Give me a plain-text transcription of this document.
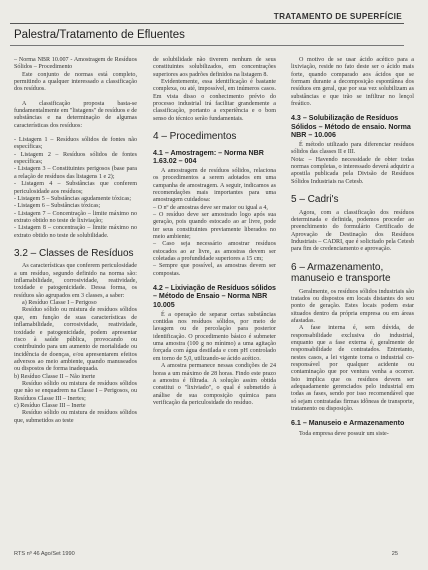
TRATAMENTO DE SUPERFÍCIE
Palestra/Tratamento de Efluentes

– Norma NBR 10.007 - Amostragem de Resíduos Sólidos – Procedimento

Este conjunto de normas está completo, permitindo a qualquer interessado a classificação dos resíduos.

A classificação proposta basta-se fundamentalmente em "listagens" de resíduos e de substâncias e na determinação de algumas características dos resíduos:

- Listagem 1 – Resíduos sólidos de fontes não específicas;

- Listagem 2 – Resíduos sólidos de fontes específicas;

- Listagem 3 – Constituintes perigosos (base para a relação de resíduos das listagens 1 e 2);

- Listagem 4 – Substâncias que conferem periculosidade aos resíduos;

- Listagem 5 – Substâncias agudamente tóxicas;

- Listagem 6 – Substâncias tóxicas;

- Listagem 7 – Concentração – limite máximo no extrato obtido no teste de lixiviação;

- Listagem 8 – concentração – limite máximo no extrato obtido no teste de solubilidade.

3.2 – Classes de Resíduos

As características que conferem periculosidade a um resíduo, segundo definido na norma são: inflamabilidade, corrosividade, reatividade, toxidade e patogenicidade. Dessa forma, os resíduos são agrupados em 3 classes, a saber:

a) Resíduo Classe I – Perigoso

Resíduo sólido ou mistura de resíduos sólidos que, em função de suas características de inflamabilidade, corrosividade, reatividade, toxidade e patogenicidade, podem apresentar risco à saúde pública, provocando ou contribuindo para um aumento de mortalidade ou incidência de doenças, e/ou apresentarem efeitos adversos ao meio ambiente, quando manuseados ou dispostos de forma inadequada.

b) Resíduo Classe II – Não inerte

Resíduo sólido ou mistura de resíduos sólidos que não se enquadrem na Classe I – Perigosos, ou Resíduos Classe III – Inertes;

c) Resíduo Classe III – Inerte

Resíduo sólido ou mistura de resíduos sólidos que, submetidos ao teste

de solubilidade não tiverem nenhum de seus constituintes solubilizados, em concentrações superiores aos padrões definidos na listagem 8.

Evidentemente, essa identificação é bastante complexa, ou até, impossível, em inúmeros casos. Em vista disso o conhecimento prévio do processo industrial irá facilitar grandemente a classificação, portanto a experiência e o bom senso do técnico serão fundamentais.

4 – Procedimentos
4.1 – Amostragem: – Norma NBR 1.63.02 – 004

A amostragem de resíduos sólidos, relaciona os procedimentos a serem adotados em uma campanha de amostragem. A seguir, indicamos as recomendações mais importantes para uma amostragem cuidadosa:

– O nº de amostras deve ser maior ou igual a 4,

– O resíduo deve ser amostrado logo após sua geração, pois quando estocado ao ar livre, pode ter seus constituintes previamente liberados no meio ambiente;

– Caso seja necessário amostrar resíduos estocados ao ar livre, as amostras devem ser coletadas a profundidade superiores a 15 cm;

– Sempre que possível, as amostras devem ser compostas.

4.2 – Lixiviação de Resíduos sólidos – Método de Ensaio – Norma NBR 10.005

É a operação de separar certas substâncias contidas nos resíduos sólidos, por meio de lavagem ou de percolação para posterior identificação. O procedimento básico é submeter uma amostra (100 g no mínimo) a uma agitação forçada com água destilada e com pH controlado em torno de 5,0, utilizando-se ácido acético.

A amostra permanece nessas condições de 24 horas a um máximo de 28 horas. Findo este prazo a amostra é filtrada. A solução assim obtida constitui o "lixiviado", o qual é submetido à análise de sua composição química para verificação da periculosidade do resíduo.

O motivo de se usar ácido acético para a lixiviação, reside no fato deste ser o ácido mais forte, quando comparado aos ácidos que se formam durante a decomposição espontânea dos resíduos em geral, que por sua vez solubilizam as substâncias e que irão se infiltrar no lençol freático.

4.3 – Solubilização de Resíduos Sólidos – Método de ensaio. Norma NBR – 10.006

É método utilizado para diferenciar resíduos sólidos das classes II e III.

Nota: – Havendo necessidade de obter todas normas completas, o interessado deverá adquirir a apostila publicada pela Divisão de Resíduos Sólidos Industriais na Cetesb.

5 – Cadri's

Agora, com a classificação dos resíduos determinada e definida, podemos proceder ao preenchimento do formulário Certificado de Aprovação de Destinação dos Resíduos Industriais – CADRI, que é solicitado pela Cetesb para fim de credenciamento e aprovação.

6 – Armazenamento, manuseio e transporte

Geralmente, os resíduos sólidos industriais são tratados ou dispostos em locais distantes do seu ponto de geração. Estes locais podem estar situados dentro da própria empresa ou em áreas afastadas.

A fase interna é, sem dúvida, de responsabilidade exclusiva do industrial, enquanto que a fase externa é, geralmente de responsabilidade de contratados. Entretanto, nestes casos, a lei vigente torna o industrial co-responsável por qualquer acidente ou contaminação que por ventura venha a ocorrer. Isto implica que os resíduos devem ser adequadamente gerenciados pelo industrial em todas as fases, sendo por isso recomendável que só sejam contratadas firmas idôneas de transporte, tratamento ou disposição.

6.1 – Manuseio e Armazenamento

Toda empresa deve possuir um siste-

RTS nº 46 Ago/Set 1990	25
